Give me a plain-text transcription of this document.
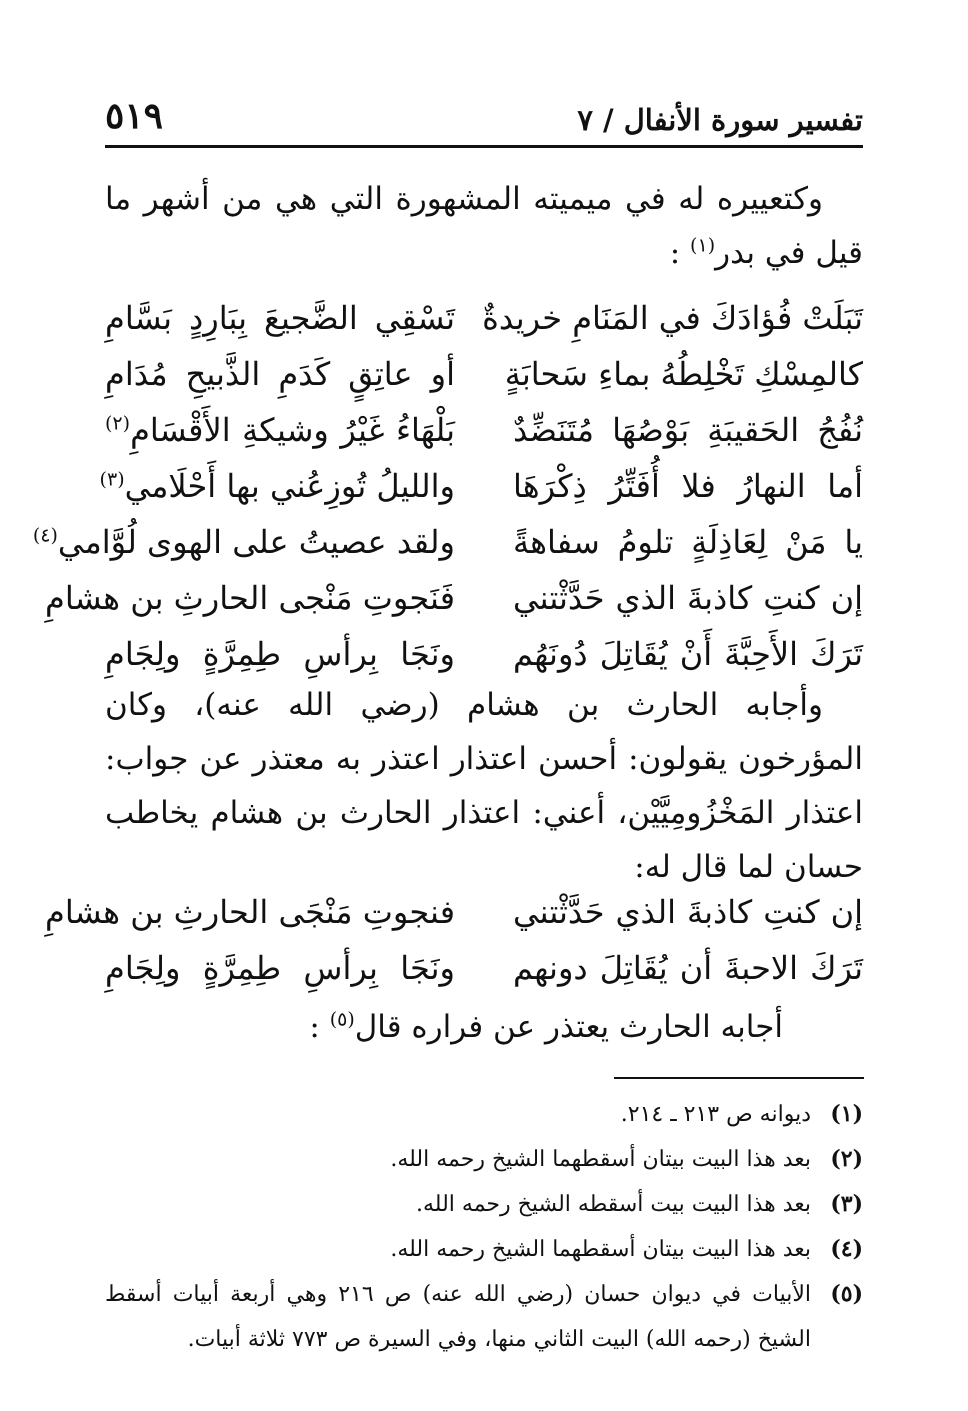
تفسير سورة الأنفال / ٧
٥١٩
وكتعييره له في ميميته المشهورة التي هي من أشهر ما قيل في بدر$^{(١)}$ :
تَبَلَتْ فُؤادَكَ في المَنَامِ خريدةٌ
تَسْقِي الضَّجيعَ بِبَارِدٍ بَسَّامِ
كالمِسْكِ تَخْلِطُهُ بماءِ سَحابَةٍ
أو عاتِقٍ كَدَمِ الذَّبيحِ مُدَامِ
نُفُجُ الحَقيبَةِ بَوْصُهَا مُتَنَضِّدٌ
بَلْهَاءُ غَيْرُ وشيكةِ الأَقْسَامِ$^{(٢)}$
أما النهارُ فلا أُفَتِّرُ ذِكْرَهَا
والليلُ تُوزِعُني بها أَحْلَامي$^{(٣)}$
يا مَنْ لِعَاذِلَةٍ تلومُ سفاهةً
ولقد عصيتُ على الهوى لُوَّامي$^{(٤)}$
إن كنتِ كاذبةَ الذي حَدَّثْتني
فَنَجوتِ مَنْجى الحارثِ بن هشامِ
تَرَكَ الأَحِبَّةَ أَنْ يُقَاتِلَ دُونَهُم
ونَجَا بِرأسِ طِمِرَّةٍ ولِجَامِ
وأجابه الحارث بن هشام (رضي الله عنه)، وكان المؤرخون يقولون: أحسن اعتذار اعتذر به معتذر عن جواب: اعتذار المَخْزُومِيَّيْن، أعني: اعتذار الحارث بن هشام يخاطب حسان لما قال له:
إن كنتِ كاذبةَ الذي حَدَّثْتني
فنجوتِ مَنْجَى الحارثِ بن هشامِ
تَرَكَ الاحبةَ أن يُقَاتِلَ دونهم
ونَجَا بِرأسِ طِمِرَّةٍ ولِجَامِ
أجابه الحارث يعتذر عن فراره قال$^{(٥)}$ :
(١)
ديوانه ص ٢١٣ ـ ٢١٤.
(٢)
بعد هذا البيت بيتان أسقطهما الشيخ رحمه الله.
(٣)
بعد هذا البيت بيت أسقطه الشيخ رحمه الله.
(٤)
بعد هذا البيت بيتان أسقطهما الشيخ رحمه الله.
(٥)
الأبيات في ديوان حسان (رضي الله عنه) ص ٢١٦ وهي أربعة أبيات أسقط الشيخ (رحمه الله) البيت الثاني منها، وفي السيرة ص ٧٧٣ ثلاثة أبيات.
